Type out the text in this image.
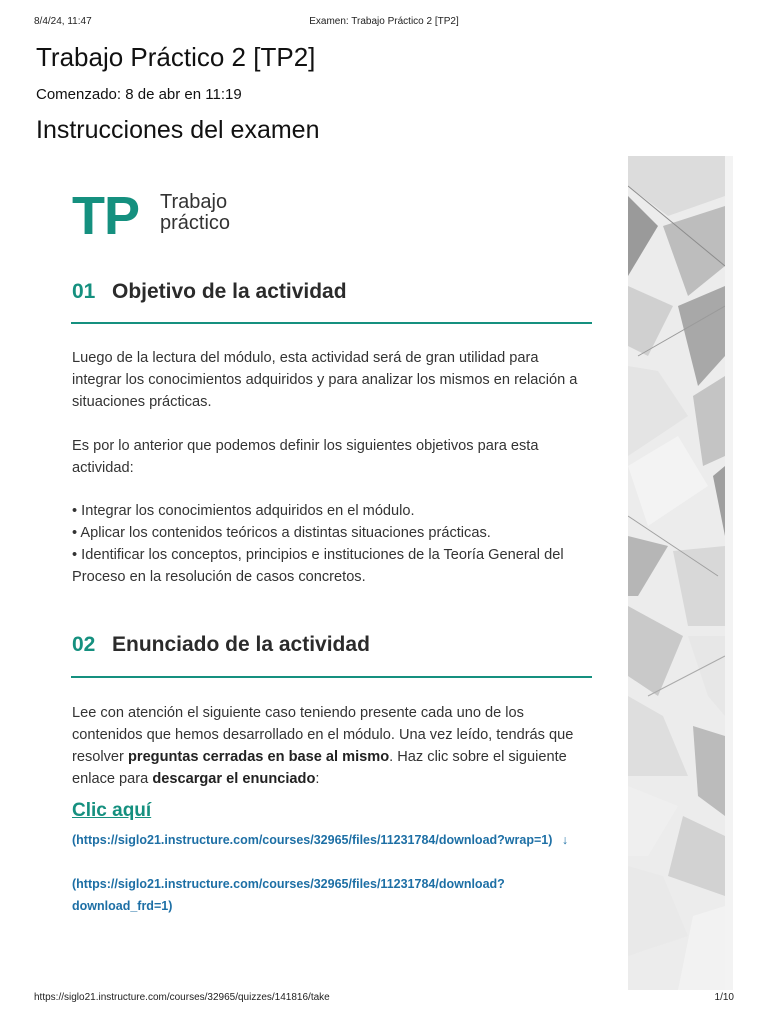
8/4/24, 11:47	Examen: Trabajo Práctico 2 [TP2]
Trabajo Práctico 2 [TP2]
Comenzado: 8 de abr en 11:19
Instrucciones del examen
TP Trabajo
práctico
01 Objetivo de la actividad

Luego de la lectura del módulo, esta actividad será de gran utilidad para integrar los conocimientos adquiridos y para analizar los mismos en relación a situaciones prácticas.

Es por lo anterior que podemos definir los siguientes objetivos para esta actividad:

• Integrar los conocimientos adquiridos en el módulo.
• Aplicar los contenidos teóricos a distintas situaciones prácticas.
• Identificar los conceptos, principios e instituciones de la Teoría General del Proceso en la resolución de casos concretos.
02 Enunciado de la actividad

Lee con atención el siguiente caso teniendo presente cada uno de los contenidos que hemos desarrollado en el módulo. Una vez leído, tendrás que resolver preguntas cerradas en base al mismo. Haz clic sobre el siguiente enlace para descargar el enunciado:

Clic aquí
(https://siglo21.instructure.com/courses/32965/files/11231784/download?wrap=1) ↓
(https://siglo21.instructure.com/courses/32965/files/11231784/download?download_frd=1)
https://siglo21.instructure.com/courses/32965/quizzes/141816/take	1/10
